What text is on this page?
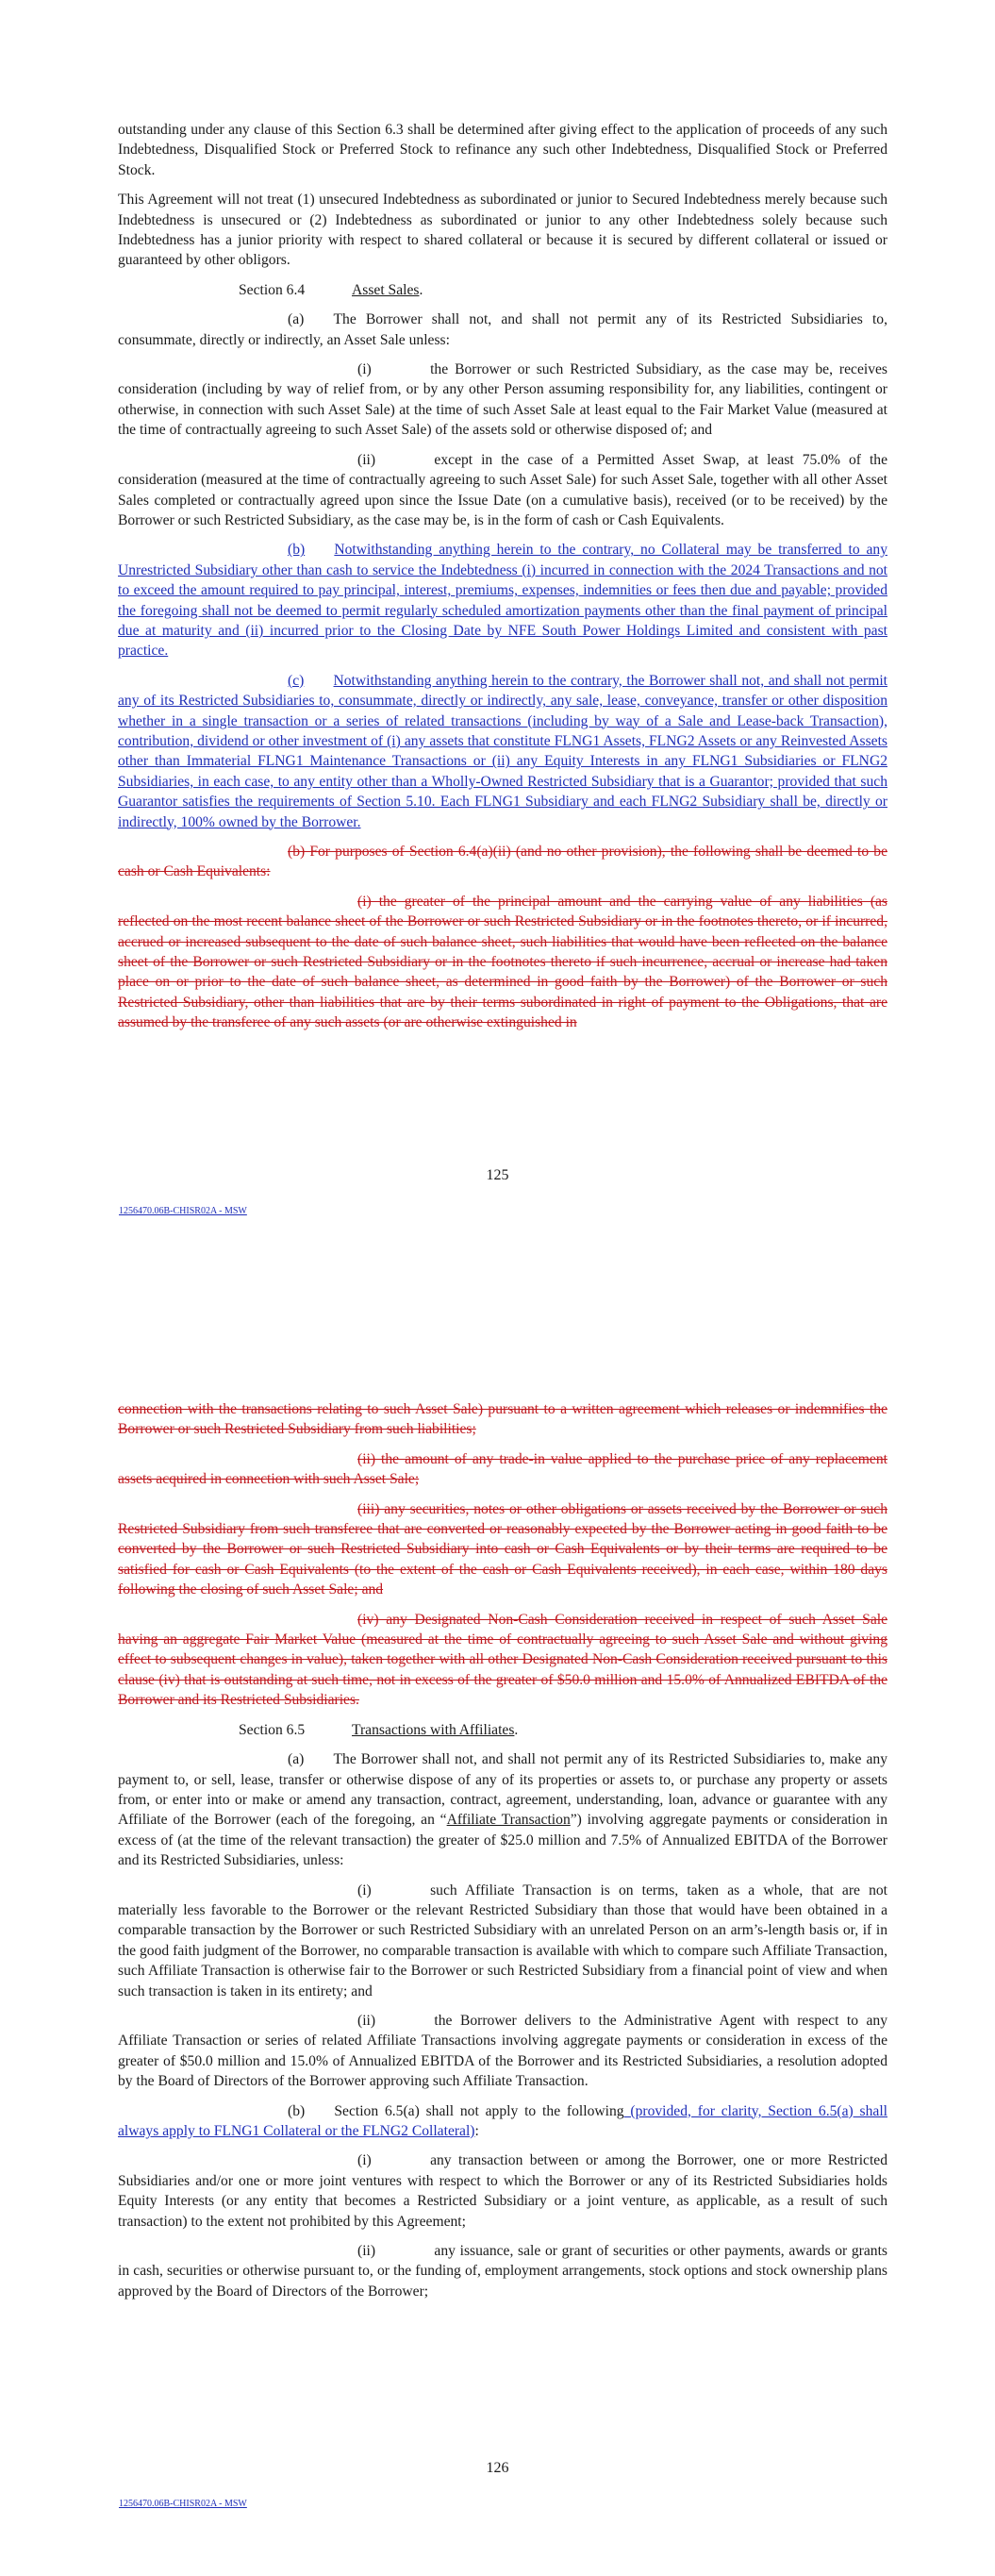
outstanding under any clause of this Section 6.3 shall be determined after giving effect to the application of proceeds of any such Indebtedness, Disqualified Stock or Preferred Stock to refinance any such other Indebtedness, Disqualified Stock or Preferred Stock.

This Agreement will not treat (1) unsecured Indebtedness as subordinated or junior to Secured Indebtedness merely because such Indebtedness is unsecured or (2) Indebtedness as subordinated or junior to any other Indebtedness solely because such Indebtedness has a junior priority with respect to shared collateral or because it is secured by different collateral or issued or guaranteed by other obligors.

Section 6.4	Asset Sales.

(a)  The Borrower shall not, and shall not permit any of its Restricted Subsidiaries to, consummate, directly or indirectly, an Asset Sale unless:

(i)    the Borrower or such Restricted Subsidiary, as the case may be, receives consideration (including by way of relief from, or by any other Person assuming responsibility for, any liabilities, contingent or otherwise, in connection with such Asset Sale) at the time of such Asset Sale at least equal to the Fair Market Value (measured at the time of contractually agreeing to such Asset Sale) of the assets sold or otherwise disposed of; and

(ii)    except in the case of a Permitted Asset Swap, at least 75.0% of the consideration (measured at the time of contractually agreeing to such Asset Sale) for such Asset Sale, together with all other Asset Sales completed or contractually agreed upon since the Issue Date (on a cumulative basis), received (or to be received) by the Borrower or such Restricted Subsidiary, as the case may be, is in the form of cash or Cash Equivalents.

(b)   Notwithstanding anything herein to the contrary, no Collateral may be transferred to any Unrestricted Subsidiary other than cash to service the Indebtedness (i) incurred in connection with the 2024 Transactions and not to exceed the amount required to pay principal, interest, premiums, expenses, indemnities or fees then due and payable; provided the foregoing shall not be deemed to permit regularly scheduled amortization payments other than the final payment of principal due at maturity and (ii) incurred prior to the Closing Date by NFE South Power Holdings Limited and consistent with past practice.

(c)   Notwithstanding anything herein to the contrary, the Borrower shall not, and shall not permit any of its Restricted Subsidiaries to, consummate, directly or indirectly, any sale, lease, conveyance, transfer or other disposition whether in a single transaction or a series of related transactions (including by way of a Sale and Lease-back Transaction), contribution, dividend or other investment of (i) any assets that constitute FLNG1 Assets, FLNG2 Assets or any Reinvested Assets other than Immaterial FLNG1 Maintenance Transactions or (ii) any Equity Interests in any FLNG1 Subsidiaries or FLNG2 Subsidiaries, in each case, to any entity other than a Wholly-Owned Restricted Subsidiary that is a Guarantor; provided that such Guarantor satisfies the requirements of Section 5.10. Each FLNG1 Subsidiary and each FLNG2 Subsidiary shall be, directly or indirectly, 100% owned by the Borrower.

(b) For purposes of Section 6.4(a)(ii) (and no other provision), the following shall be deemed to be cash or Cash Equivalents:

(i) the greater of the principal amount and the carrying value of any liabilities (as reflected on the most recent balance sheet of the Borrower or such Restricted Subsidiary or in the footnotes thereto, or if incurred, accrued or increased subsequent to the date of such balance sheet, such liabilities that would have been reflected on the balance sheet of the Borrower or such Restricted Subsidiary or in the footnotes thereto if such incurrence, accrual or increase had taken place on or prior to the date of such balance sheet, as determined in good faith by the Borrower) of the Borrower or such Restricted Subsidiary, other than liabilities that are by their terms subordinated in right of payment to the Obligations, that are assumed by the transferee of any such assets (or are otherwise extinguished in

125
1256470.06B-CHISR02A - MSW

connection with the transactions relating to such Asset Sale) pursuant to a written agreement which releases or indemnifies the Borrower or such Restricted Subsidiary from such liabilities;

(ii) the amount of any trade-in value applied to the purchase price of any replacement assets acquired in connection with such Asset Sale;

(iii) any securities, notes or other obligations or assets received by the Borrower or such Restricted Subsidiary from such transferee that are converted or reasonably expected by the Borrower acting in good faith to be converted by the Borrower or such Restricted Subsidiary into cash or Cash Equivalents or by their terms are required to be satisfied for cash or Cash Equivalents (to the extent of the cash or Cash Equivalents received), in each case, within 180 days following the closing of such Asset Sale; and

(iv) any Designated Non-Cash Consideration received in respect of such Asset Sale having an aggregate Fair Market Value (measured at the time of contractually agreeing to such Asset Sale and without giving effect to subsequent changes in value), taken together with all other Designated Non-Cash Consideration received pursuant to this clause (iv) that is outstanding at such time, not in excess of the greater of $50.0 million and 15.0% of Annualized EBITDA of the Borrower and its Restricted Subsidiaries.

Section 6.5	Transactions with Affiliates.

(a)  The Borrower shall not, and shall not permit any of its Restricted Subsidiaries to, make any payment to, or sell, lease, transfer or otherwise dispose of any of its properties or assets to, or purchase any property or assets from, or enter into or make or amend any transaction, contract, agreement, understanding, loan, advance or guarantee with any Affiliate of the Borrower (each of the foregoing, an “Affiliate Transaction”) involving aggregate payments or consideration in excess of (at the time of the relevant transaction) the greater of $25.0 million and 7.5% of Annualized EBITDA of the Borrower and its Restricted Subsidiaries, unless:

(i)    such Affiliate Transaction is on terms, taken as a whole, that are not materially less favorable to the Borrower or the relevant Restricted Subsidiary than those that would have been obtained in a comparable transaction by the Borrower or such Restricted Subsidiary with an unrelated Person on an arm’s-length basis or, if in the good faith judgment of the Borrower, no comparable transaction is available with which to compare such Affiliate Transaction, such Affiliate Transaction is otherwise fair to the Borrower or such Restricted Subsidiary from a financial point of view and when such transaction is taken in its entirety; and

(ii)    the Borrower delivers to the Administrative Agent with respect to any Affiliate Transaction or series of related Affiliate Transactions involving aggregate payments or consideration in excess of the greater of $50.0 million and 15.0% of Annualized EBITDA of the Borrower and its Restricted Subsidiaries, a resolution adopted by the Board of Directors of the Borrower approving such Affiliate Transaction.

(b)  Section 6.5(a) shall not apply to the following (provided, for clarity, Section 6.5(a) shall always apply to FLNG1 Collateral or the FLNG2 Collateral):

(i)    any transaction between or among the Borrower, one or more Restricted Subsidiaries and/or one or more joint ventures with respect to which the Borrower or any of its Restricted Subsidiaries holds Equity Interests (or any entity that becomes a Restricted Subsidiary or a joint venture, as applicable, as a result of such transaction) to the extent not prohibited by this Agreement;

(ii)    any issuance, sale or grant of securities or other payments, awards or grants in cash, securities or otherwise pursuant to, or the funding of, employment arrangements, stock options and stock ownership plans approved by the Board of Directors of the Borrower;

126
1256470.06B-CHISR02A - MSW
